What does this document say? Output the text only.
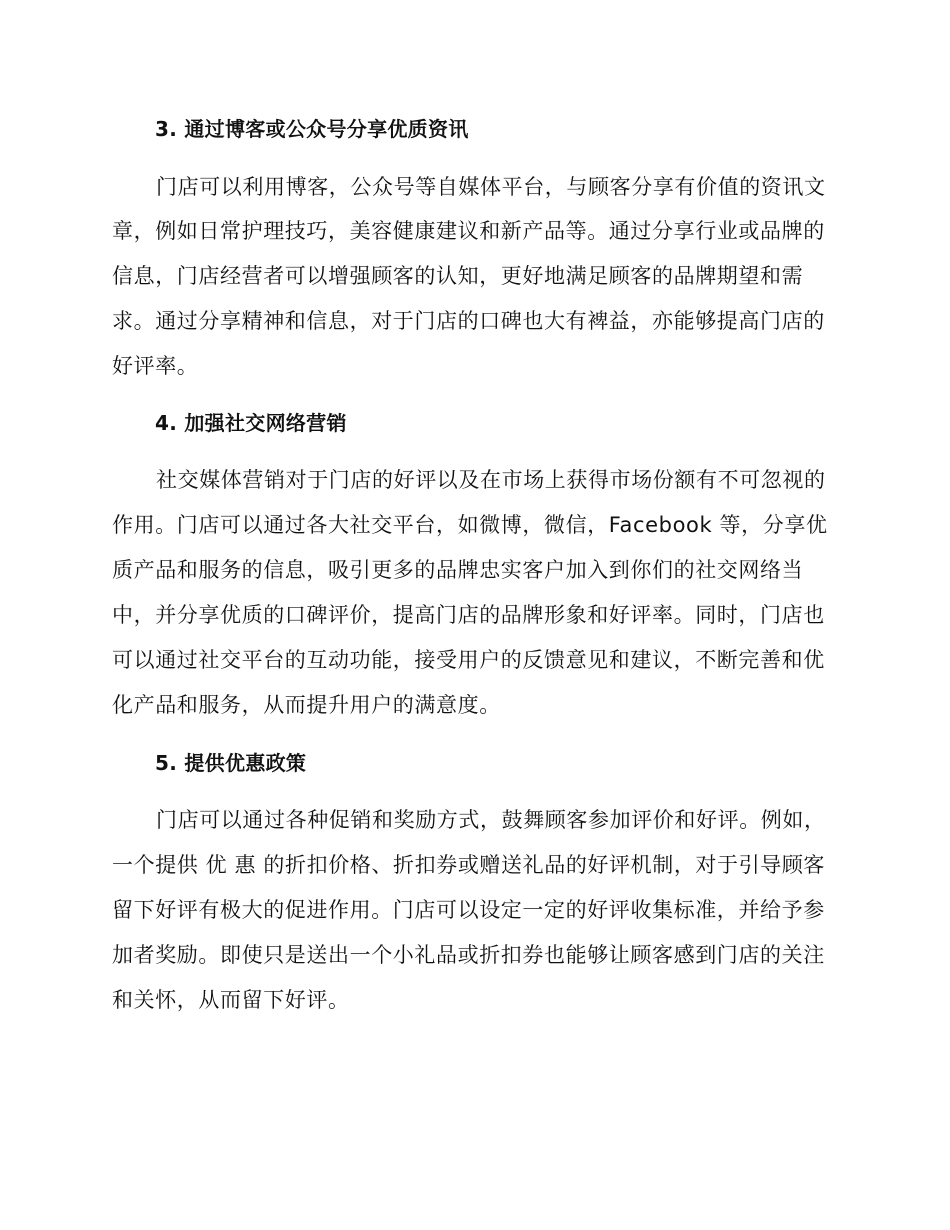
3. 通过博客或公众号分享优质资讯
门店可以利用博客，公众号等自媒体平台，与顾客分享有价值的资讯文
章，例如日常护理技巧，美容健康建议和新产品等。通过分享行业或品牌的
信息，门店经营者可以增强顾客的认知，更好地满足顾客的品牌期望和需
求。通过分享精神和信息，对于门店的口碑也大有裨益，亦能够提高门店的
好评率。
4. 加强社交网络营销
社交媒体营销对于门店的好评以及在市场上获得市场份额有不可忽视的
作用。门店可以通过各大社交平台，如微博，微信，Facebook 等，分享优
质产品和服务的信息，吸引更多的品牌忠实客户加入到你们的社交网络当
中，并分享优质的口碑评价，提高门店的品牌形象和好评率。同时，门店也
可以通过社交平台的互动功能，接受用户的反馈意见和建议，不断完善和优
化产品和服务，从而提升用户的满意度。
5. 提供优惠政策
门店可以通过各种促销和奖励方式，鼓舞顾客参加评价和好评。例如，
一个提供 优 惠 的折扣价格、折扣券或赠送礼品的好评机制，对于引导顾客
留下好评有极大的促进作用。门店可以设定一定的好评收集标准，并给予参
加者奖励。即使只是送出一个小礼品或折扣券也能够让顾客感到门店的关注
和关怀，从而留下好评。
